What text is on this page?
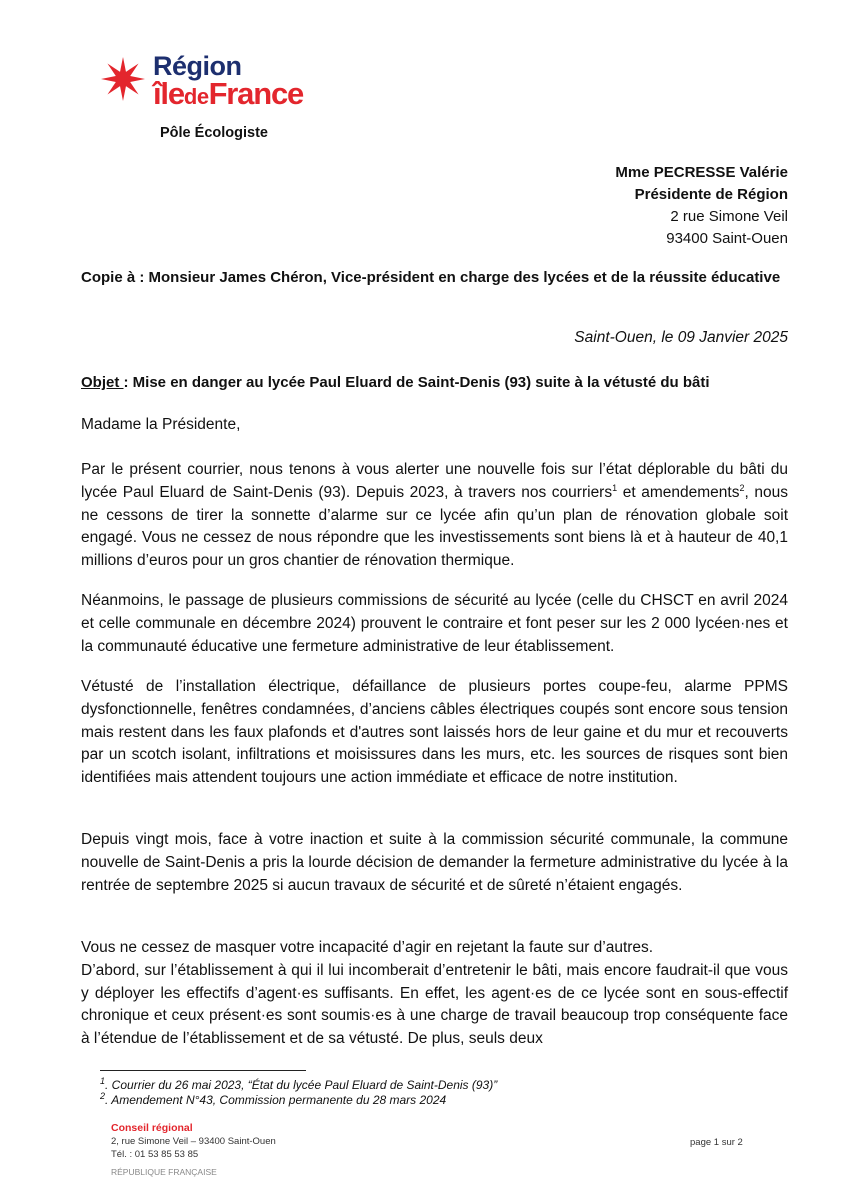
Région
îledeFrance
Pôle Écologiste
Mme PECRESSE Valérie
Présidente de Région
2 rue Simone Veil
93400 Saint-Ouen
Copie à : Monsieur James Chéron, Vice-président en charge des lycées et de la réussite éducative
Saint-Ouen, le 09 Janvier 2025
Objet : Mise en danger au lycée Paul Eluard de Saint-Denis (93) suite à la vétusté du bâti
Madame la Présidente,

Par le présent courrier, nous tenons à vous alerter une nouvelle fois sur l’état déplorable du bâti du lycée Paul Eluard de Saint-Denis (93). Depuis 2023, à travers nos courriers$^1$ et amendements$^2$, nous ne cessons de tirer la sonnette d’alarme sur ce lycée afin qu’un plan de rénovation globale soit engagé. Vous ne cessez de nous répondre que les investissements sont biens là et à hauteur de 40,1 millions d’euros pour un gros chantier de rénovation thermique.

Néanmoins, le passage de plusieurs commissions de sécurité au lycée (celle du CHSCT en avril 2024 et celle communale en décembre 2024) prouvent le contraire et font peser sur les 2 000 lycéen·nes et la communauté éducative une fermeture administrative de leur établissement.

Vétusté de l’installation électrique, défaillance de plusieurs portes coupe-feu, alarme PPMS dysfonctionnelle, fenêtres condamnées, d’anciens câbles électriques coupés sont encore sous tension mais restent dans les faux plafonds et d'autres sont laissés hors de leur gaine et du mur et recouverts par un scotch isolant, infiltrations et moisissures dans les murs, etc. les sources de risques sont bien identifiées mais attendent toujours une action immédiate et efficace de notre institution.

Depuis vingt mois, face à votre inaction et suite à la commission sécurité communale, la commune nouvelle de Saint-Denis a pris la lourde décision de demander la fermeture administrative du lycée à la rentrée de septembre 2025 si aucun travaux de sécurité et de sûreté n’étaient engagés.

Vous ne cessez de masquer votre incapacité d’agir en rejetant la faute sur d’autres.

D’abord, sur l’établissement à qui il lui incomberait d’entretenir le bâti, mais encore faudrait-il que vous y déployer les effectifs d’agent·es suffisants. En effet, les agent·es de ce lycée sont en sous-effectif chronique et ceux présent·es sont soumis·es à une charge de travail beaucoup trop conséquente face à l’étendue de l’établissement et de sa vétusté. De plus, seuls deux

$^1$. Courrier du 26 mai 2023, “État du lycée Paul Eluard de Saint-Denis (93)”
$^2$. Amendement N°43, Commission permanente du 28 mars 2024
Conseil régional
2, rue Simone Veil – 93400 Saint-Ouen
Tél. : 01 53 85 53 85
RÉPUBLIQUE FRANÇAISE
page 1 sur 2
